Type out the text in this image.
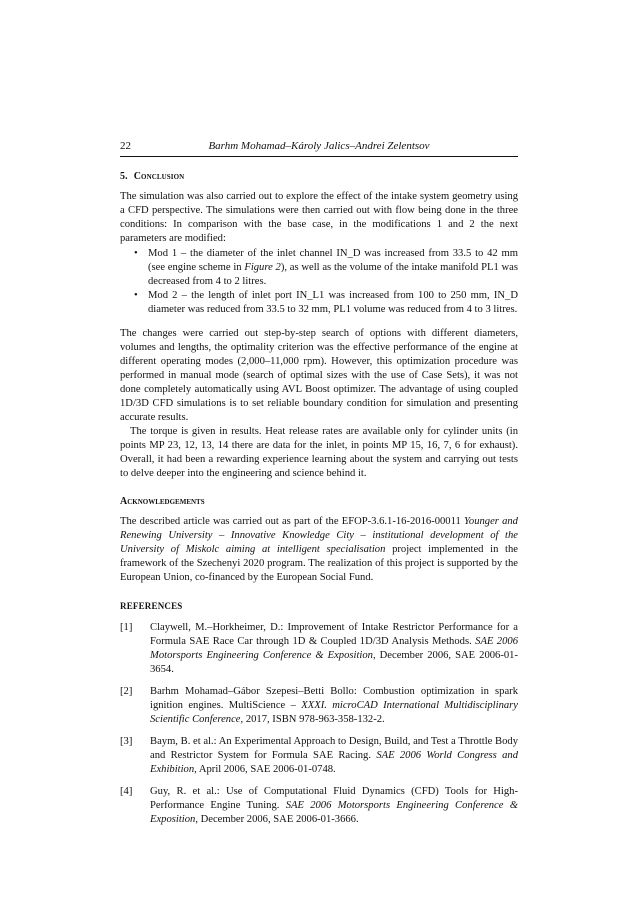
22	Barhm Mohamad–Károly Jalics–Andrei Zelentsov
5. Conclusion

The simulation was also carried out to explore the effect of the intake system geometry using a CFD perspective. The simulations were then carried out with flow being done in the three conditions: In comparison with the base case, in the modifications 1 and 2 the next parameters are modified:

• Mod 1 – the diameter of the inlet channel IN_D was increased from 33.5 to 42 mm (see engine scheme in Figure 2), as well as the volume of the intake manifold PL1 was decreased from 4 to 2 litres.
• Mod 2 – the length of inlet port IN_L1 was increased from 100 to 250 mm, IN_D diameter was reduced from 33.5 to 32 mm, PL1 volume was reduced from 4 to 3 litres.

The changes were carried out step-by-step search of options with different diameters, volumes and lengths, the optimality criterion was the effective performance of the engine at different operating modes (2,000–11,000 rpm). However, this optimization procedure was performed in manual mode (search of optimal sizes with the use of Case Sets), it was not done completely automatically using AVL Boost optimizer. The advantage of using coupled 1D/3D CFD simulations is to set reliable boundary condition for simulation and presenting accurate results.

The torque is given in results. Heat release rates are available only for cylinder units (in points MP 23, 12, 13, 14 there are data for the inlet, in points MP 15, 16, 7, 6 for exhaust). Overall, it had been a rewarding experience learning about the system and carrying out tests to delve deeper into the engineering and science behind it.

Acknowledgements

The described article was carried out as part of the EFOP-3.6.1-16-2016-00011 Younger and Renewing University – Innovative Knowledge City – institutional development of the University of Miskolc aiming at intelligent specialisation project implemented in the framework of the Szechenyi 2020 program. The realization of this project is supported by the European Union, co-financed by the European Social Fund.

REFERENCES
[1]	Claywell, M.–Horkheimer, D.: Improvement of Intake Restrictor Performance for a Formula SAE Race Car through 1D & Coupled 1D/3D Analysis Methods. SAE 2006 Motorsports Engineering Conference & Exposition, December 2006, SAE 2006-01-3654.
[2]	Barhm Mohamad–Gábor Szepesi–Betti Bollo: Combustion optimization in spark ignition engines. MultiScience – XXXI. microCAD International Multidisciplinary Scientific Conference, 2017, ISBN 978-963-358-132-2.
[3]	Baym, B. et al.: An Experimental Approach to Design, Build, and Test a Throttle Body and Restrictor System for Formula SAE Racing. SAE 2006 World Congress and Exhibition, April 2006, SAE 2006-01-0748.
[4]	Guy, R. et al.: Use of Computational Fluid Dynamics (CFD) Tools for High-Performance Engine Tuning. SAE 2006 Motorsports Engineering Conference & Exposition, December 2006, SAE 2006-01-3666.
